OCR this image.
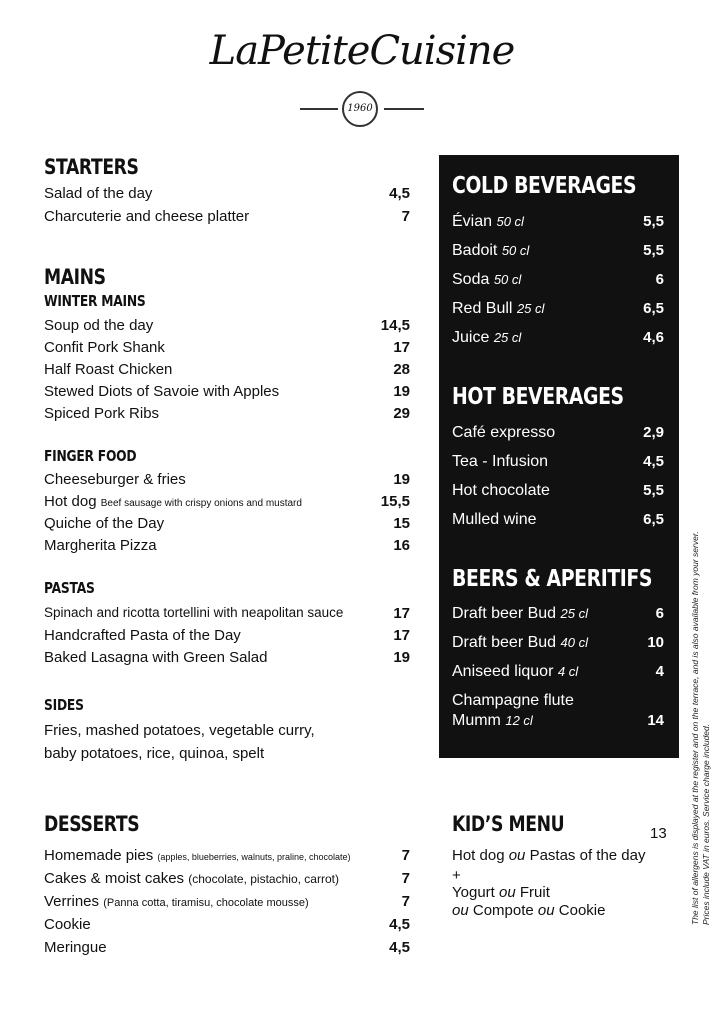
LaPetiteCuisine
1960
STARTERS
Salad of the day	4,5
Charcuterie and cheese platter	7
MAINS
WINTER MAINS
Soup od the day	14,5
Confit Pork Shank	17
Half Roast Chicken	28
Stewed Diots of Savoie with Apples	19
Spiced Pork Ribs	29
FINGER FOOD
Cheeseburger & fries	19
Hot dog Beef sausage with crispy onions and mustard	15,5
Quiche of the Day	15
Margherita Pizza	16
PASTAS
Spinach and ricotta tortellini with neapolitan sauce	17
Handcrafted Pasta of the Day	17
Baked Lasagna with Green Salad	19
SIDES
Fries, mashed potatoes, vegetable curry,
baby potatoes, rice, quinoa, spelt
COLD BEVERAGES
Évian 50 cl	5,5
Badoit 50 cl	5,5
Soda 50 cl	6
Red Bull 25 cl	6,5
Juice 25 cl	4,6
HOT BEVERAGES
Café expresso	2,9
Tea - Infusion	4,5
Hot chocolate	5,5
Mulled wine	6,5
BEERS & APERITIFS
Draft beer Bud 25 cl	6
Draft beer Bud 40 cl	10
Aniseed liquor 4 cl	4
Champagne flute
Mumm 12 cl	14
DESSERTS
Homemade pies (apples, blueberries, walnuts, praline, chocolate)	7
Cakes & moist cakes (chocolate, pistachio, carrot)	7
Verrines (Panna cotta, tiramisu, chocolate mousse)	7
Cookie	4,5
Meringue	4,5
KID’S MENU	13
Hot dog ou Pastas of the day
+
Yogurt ou Fruit
ou Compote ou Cookie	The list of allergens is displayed at the register and on the terrace, and is also available from your server. Prices include VAT in euros. Service charge included.
